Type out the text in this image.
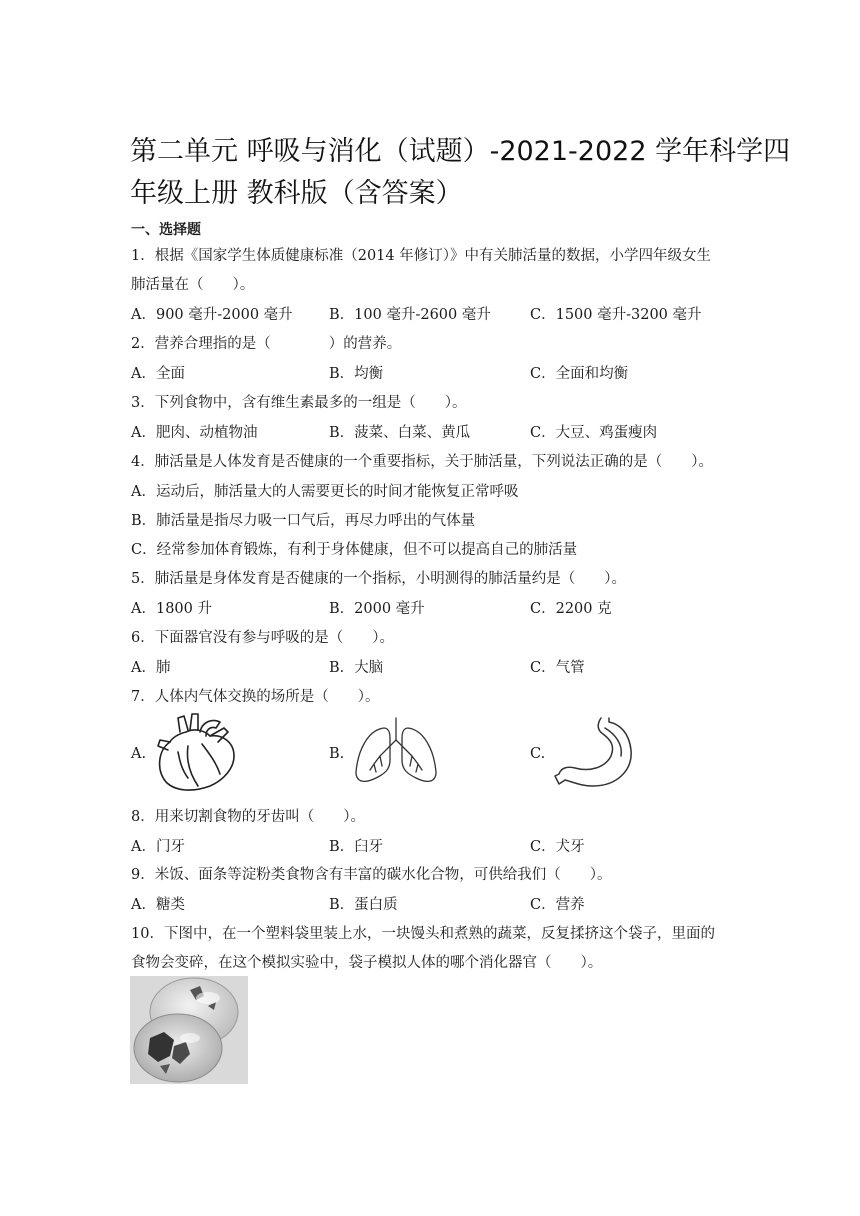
第二单元 呼吸与消化（试题）-2021-2022 学年科学四
年级上册 教科版（含答案）
一、选择题
1．根据《国家学生体质健康标准（2014 年修订）》中有关肺活量的数据，小学四年级女生
肺活量在（　　）。
A．900 毫升-2000 毫升	B．100 毫升-2600 毫升	C．1500 毫升-3200 毫升
2．营养合理指的是（　　　　）的营养。
A．全面	B．均衡	C．全面和均衡
3．下列食物中，含有维生素最多的一组是（　　）。
A．肥肉、动植物油	B．菠菜、白菜、黄瓜	C．大豆、鸡蛋瘦肉
4．肺活量是人体发育是否健康的一个重要指标，关于肺活量，下列说法正确的是（　　）。
A．运动后，肺活量大的人需要更长的时间才能恢复正常呼吸
B．肺活量是指尽力吸一口气后，再尽力呼出的气体量
C．经常参加体育锻炼，有利于身体健康，但不可以提高自己的肺活量
5．肺活量是身体发育是否健康的一个指标，小明测得的肺活量约是（　　）。
A．1800 升	B．2000 毫升	C．2200 克
6．下面器官没有参与呼吸的是（　　）。
A．肺	B．大脑	C．气管
7．人体内气体交换的场所是（　　）。
A.	B.	C.
8．用来切割食物的牙齿叫（　　）。
A．门牙	B．臼牙	C．犬牙
9．米饭、面条等淀粉类食物含有丰富的碳水化合物，可供给我们（　　）。
A．糖类	B．蛋白质	C．营养
10．下图中，在一个塑料袋里装上水，一块馒头和煮熟的蔬菜，反复揉挤这个袋子，里面的
食物会变碎，在这个模拟实验中，袋子模拟人体的哪个消化器官（　　）。
